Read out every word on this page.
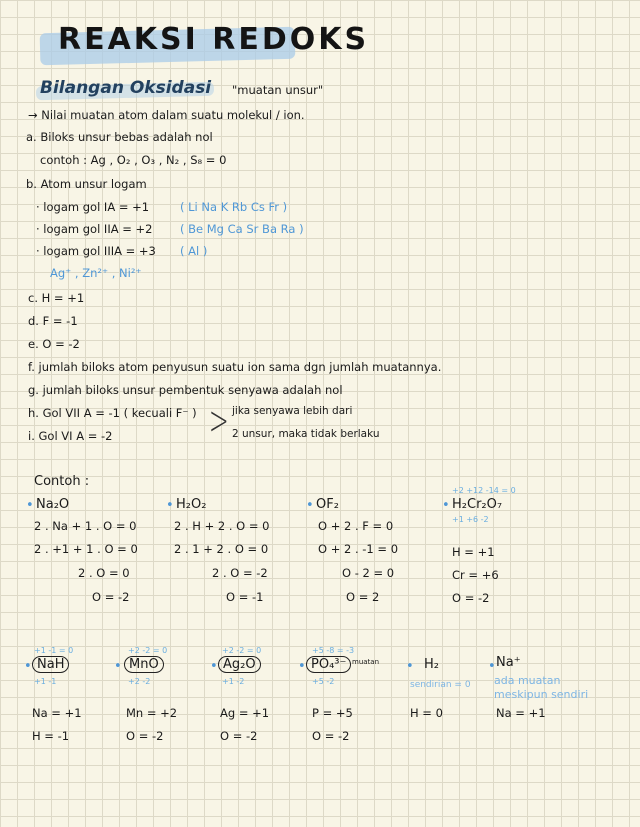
REAKSI REDOKS
Bilangan Oksidasi "muatan unsur"
→ Nilai muatan atom dalam suatu molekul / ion.
a. Biloks unsur bebas adalah nol
contoh : Ag , O₂ , O₃ , N₂ , S₈ = 0
b. Atom unsur logam
· logam gol IA = +1	( Li Na K Rb Cs Fr )
· logam gol IIA = +2 ( Be Mg Ca Sr Ba Ra )
· logam gol IIIA = +3 ( Al )
Ag⁺ , Zn²⁺ , Ni²⁺
c. H = +1
d. F = -1
e. O = -2
f. jumlah biloks atom penyusun suatu ion sama dgn jumlah muatannya.
g. jumlah biloks unsur pembentuk senyawa adalah nol
h. Gol VII A = -1 ( kecuali F⁻ )
i. Gol VI A = -2 > jika senyawa lebih dari
2 unsur, maka tidak berlaku
Contoh :
• Na₂O
2 . Na + 1 . O = 0
2 . +1 + 1 . O = 0
2 . O = 0
O = -2
• H₂O₂
2 . H + 2 . O = 0
2 . 1 + 2 . O = 0
2 . O = -2
O = -1
• OF₂
O + 2 . F = 0
O + 2 . -1 = 0
O - 2 = 0
O = 2
+2 +12 -14 = 0
• H₂Cr₂O₇
+1 +6 -2
H = +1
Cr = +6
O = -2
+1 -1 = 0
• NaH
+1 -1
Na = +1
H = -1
+2 -2 = 0
• MnO
+2 -2
Mn = +2
O = -2
+2 -2 = 0
• Ag₂O
+1 -2
Ag = +1
O = -2
+5 -8 = -3
• PO₄³⁻ muatan
+5 -2
P = +5
O = -2
• H₂
sendirian = 0
H = 0
• Na⁺
ada muatan
meskipun sendiri
Na = +1
